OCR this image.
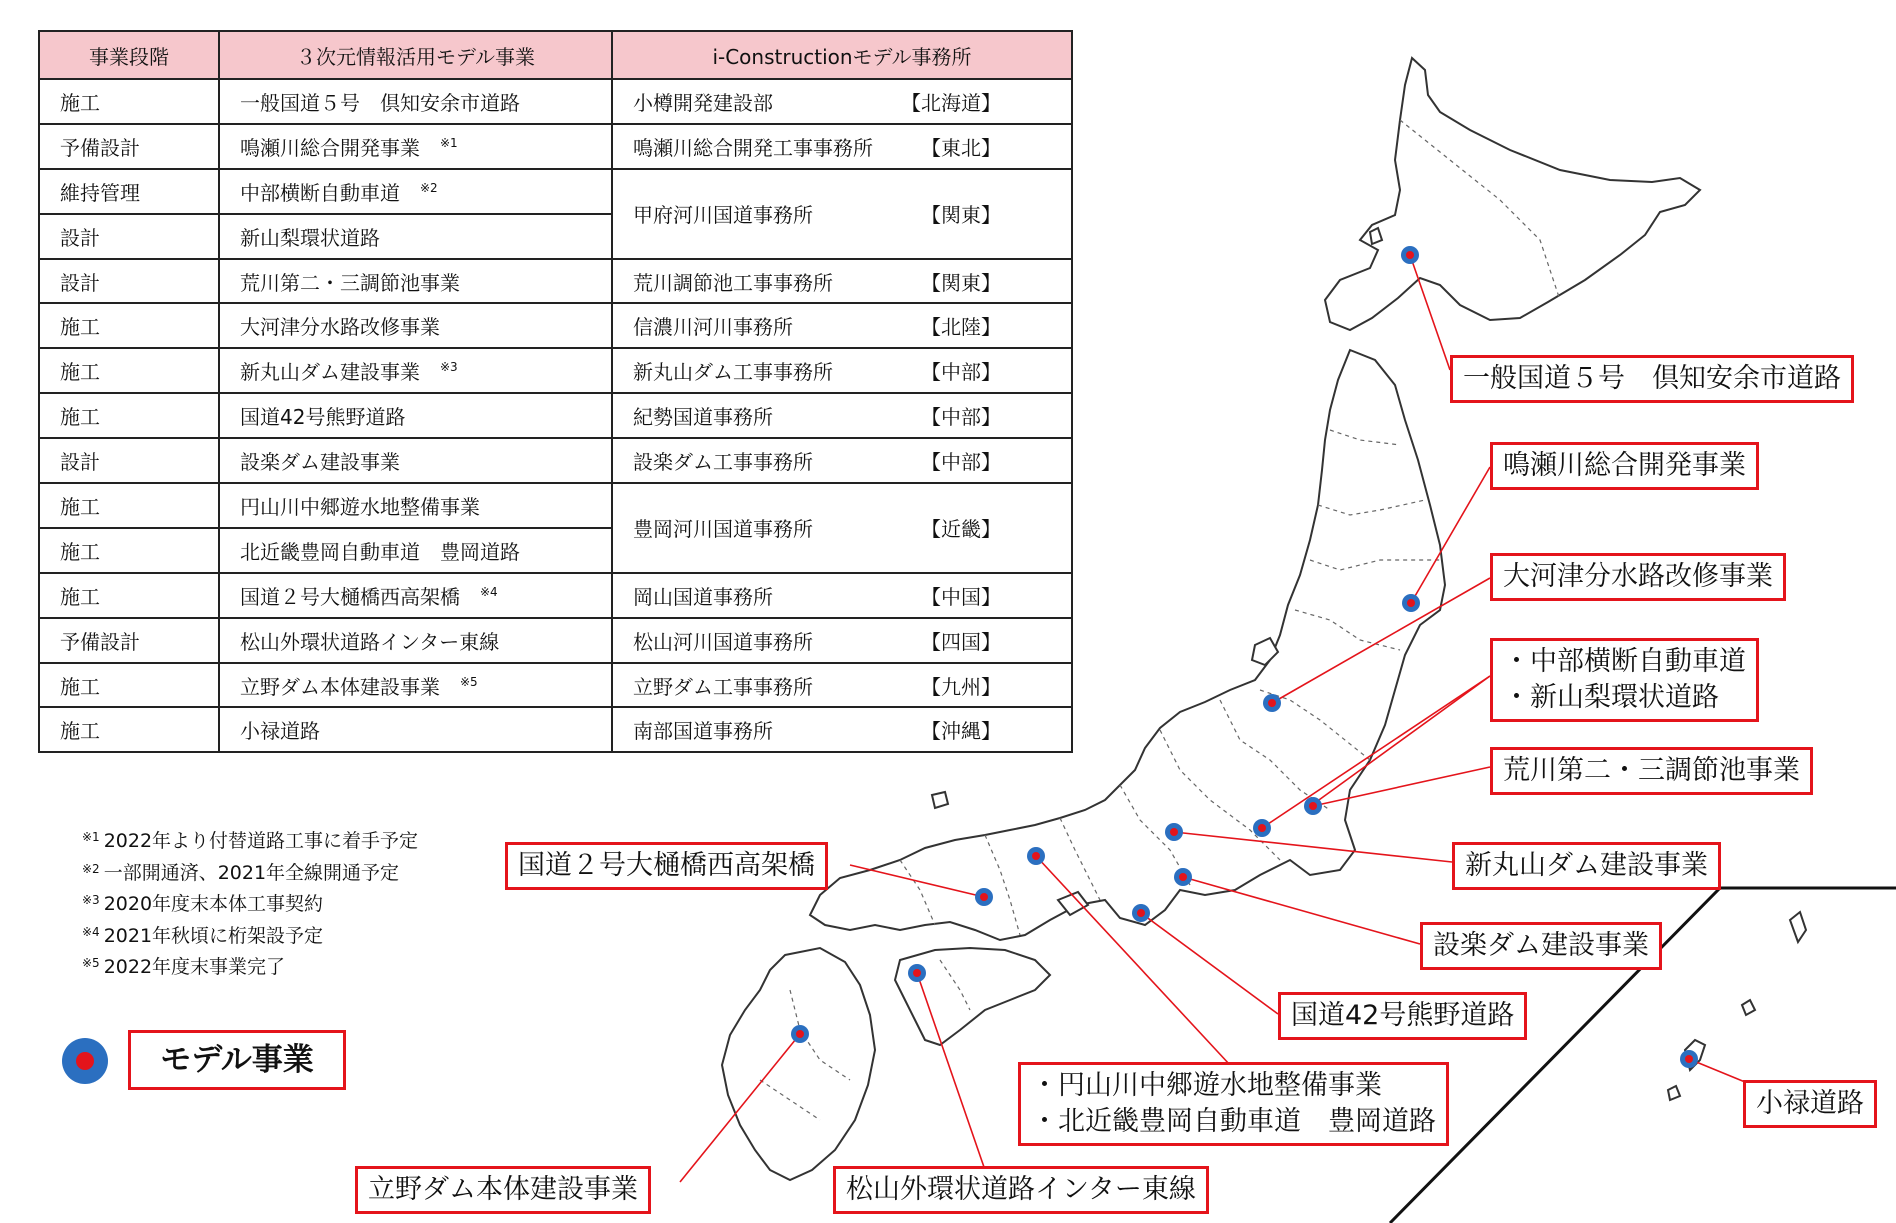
事業段階	３次元情報活用モデル事業	i-Constructionモデル事務所
施工	一般国道５号　倶知安余市道路	小樽開発建設部 【北海道】

予備設計	鳴瀬川総合開発事業 $^{※1}$	鳴瀬川総合開発工事事務所 【東北】

維持管理	中部横断自動車道 $^{※2}$	甲府河川国道事務所 【関東】

設計	新山梨環状道路	
設計	荒川第二・三調節池事業	荒川調節池工事事務所 【関東】

施工	大河津分水路改修事業	信濃川河川事務所 【北陸】

施工	新丸山ダム建設事業 $^{※3}$	新丸山ダム工事事務所 【中部】

施工	国道42号熊野道路	紀勢国道事務所 【中部】

設計	設楽ダム建設事業	設楽ダム工事事務所 【中部】

施工	円山川中郷遊水地整備事業	豊岡河川国道事務所 【近畿】

施工	北近畿豊岡自動車道　豊岡道路	
施工	国道２号大樋橋西高架橋 $^{※4}$	岡山国道事務所 【中国】

予備設計	松山外環状道路インター東線	松山河川国道事務所 【四国】

施工	立野ダム本体建設事業 $^{※5}$	立野ダム工事事務所 【九州】

施工	小禄道路	南部国道事務所 【沖縄】
$^{※1}$ 2022年より付替道路工事に着手予定
$^{※2}$ 一部開通済、2021年全線開通予定
$^{※3}$ 2020年度末本体工事契約
$^{※4}$ 2021年秋頃に桁架設予定
$^{※5}$ 2022年度末事業完了
モデル事業
一般国道５号　倶知安余市道路
鳴瀬川総合開発事業
大河津分水路改修事業
・中部横断自動車道
・新山梨環状道路
荒川第二・三調節池事業
新丸山ダム建設事業
設楽ダム建設事業
国道42号熊野道路
・円山川中郷遊水地整備事業
・北近畿豊岡自動車道　豊岡道路
松山外環状道路インター東線
立野ダム本体建設事業
国道２号大樋橋西高架橋
小禄道路
